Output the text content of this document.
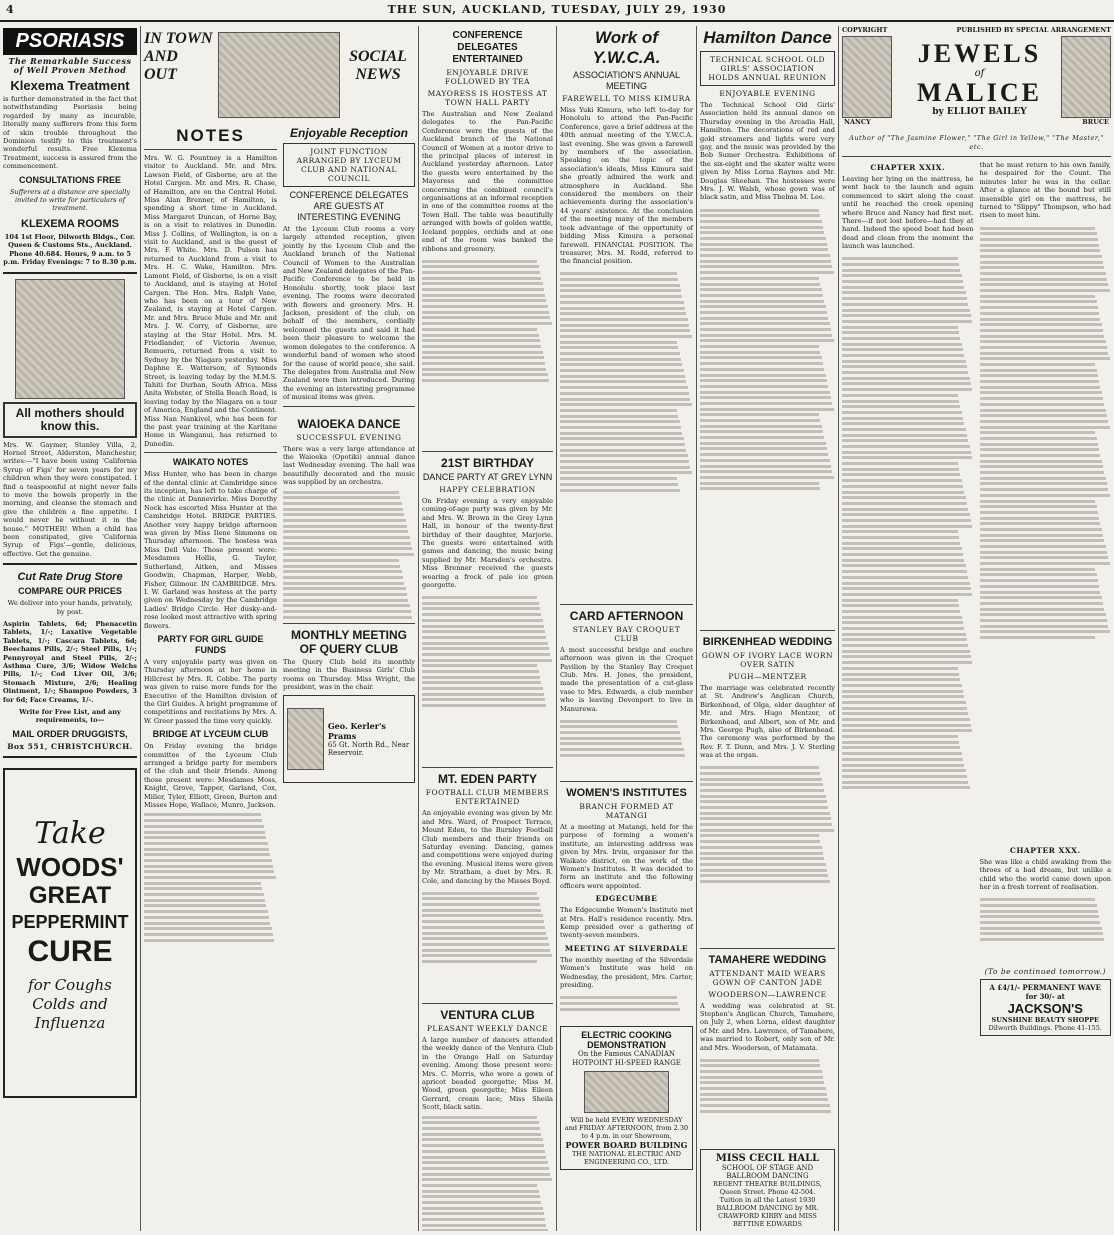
4	THE SUN, AUCKLAND, TUESDAY, JULY 29, 1930
PSORIASIS
The Remarkable Success of Well Proven Method
Klexema Treatment

is further demonstrated in the fact that notwithstanding Psoriasis being regarded by many as incurable, literally many sufferers from this form of skin trouble throughout the Dominion testify to this treatment's wonderful results. Free Klexema Treatment, success is assured from the commencement.

CONSULTATIONS FREE

Sufferers at a distance are specially invited to write for particulars of treatment.

KLEXEMA ROOMS

104 1st Floor, Dilworth Bldgs., Cor. Queen & Customs Sts., Auckland. Phone 40.684. Hours, 9 a.m. to 5 p.m. Friday Evenings: 7 to 8.30 p.m.

All mothers should know this.

Mrs. W. Gaymer, Stanley Villa, 2, Hornel Street, Alderston, Manchester, writes:—"I have been using 'California Syrup of Figs' for seven years for my children when they were constipated. I find a teaspoonful at night never fails to move the bowels properly in the morning, and cleanse the stomach and give the children a fine appetite. I would never be without it in the house." MOTHER! When a child has been constipated, give 'California Syrup of Figs'—gentle, delicious, effective. Get the genuine.

Cut Rate Drug Store
COMPARE OUR PRICES

We deliver into your hands, privately, by post.

Aspirin Tablets, 6d; Phenacetin Tablets, 1/-; Laxative Vegetable Tablets, 1/-; Cascara Tablets, 6d; Beechams Pills, 2/-; Steel Pills, 1/-; Pennyroyal and Steel Pills, 2/-; Asthma Cure, 3/6; Widow Welchs Pills, 1/-; Cod Liver Oil, 3/6; Stomach Mixture, 2/6; Healing Ointment, 1/-; Shampoo Powders, 3 for 6d; Face Creams, 1/-.

Write for Free List, and any requirements, to—

MAIL ORDER DRUGGISTS,
Box 551, CHRISTCHURCH.
Take
WOODS'
GREAT
PEPPERMINT
CURE
for Coughs Colds and Influenza
IN TOWN AND OUT
SOCIAL NEWS
NOTES

Mrs. W. G. Pountney is a Hamilton visitor to Auckland. Mr. and Mrs. Lawson Field, of Gisborne, are at the Hotel Cargen. Mr. and Mrs. R. Chase, of Hamilton, are on the Central Hotel. Miss Alan Brenner, of Hamilton, is spending a short time in Auckland. Miss Margaret Duncan, of Horne Bay, is on a visit to relatives in Dunedin. Miss J. Collins, of Wellington, is on a visit to Auckland, and is the guest of Mrs. F. White. Mrs. D. Pulson has returned to Auckland from a visit to Mrs. H. C. Wake, Hamilton. Mrs. Lamont Field, of Gisborne, is on a visit to Auckland, and is staying at Hotel Cargen. The Hon. Mrs. Ralph Vane, who has been on a tour of New Zealand, is staying at Hotel Cargen. Mr. and Mrs. Bruce Mule and Mr. and Mrs. J. W. Corry, of Gisborne, are staying at the Star Hotel. Mrs. M. Friedlander, of Victoria Avenue, Remuera, returned from a visit to Sydney by the Niagara yesterday. Miss Daphne E. Watterson, of Symonds Street, is leaving today by the M.M.S. Tahiti for Durban, South Africa. Miss Anita Webster, of Stella Beach Road, is leaving today by the Niagara on a tour of America, England and the Continent. Miss Nan Nankivel, who has been for the past year training at the Karitane Home in Wanganui, has returned to Dunedin.

WAIKATO NOTES

Miss Hunter, who has been in charge of the dental clinic at Cambridge since its inception, has left to take charge of the clinic at Dannevirke. Miss Dorothy Nock has escorted Miss Hunter at the Cambridge Hotel. BRIDGE PARTIES. Another very happy bridge afternoon was given by Miss Ilene Simmons on Thursday afternoon. The hostess was Miss Dell Vale. Those present were: Mesdames Hollis, G. Taylor, Sutherland, Aitken, and Misses Goodwin, Chapman, Harper, Webb, Fisher, Gilmour. IN CAMBRIDGE. Mrs. I. W. Garland was hostess at the party given on Wednesday by the Cambridge Ladies' Bridge Circle. Her dusky-and-rose looked most attractive with spring flowers.

PARTY FOR GIRL GUIDE FUNDS

A very enjoyable party was given on Thursday afternoon at her home in Hillcrest by Mrs. R. Cobbe. The party was given to raise more funds for the Executive of the Hamilton division of the Girl Guides. A bright programme of competitions and recitations by Mrs. A. W. Greer passed the time very quickly.

BRIDGE AT LYCEUM CLUB

On Friday evening the bridge committee of the Lyceum Club arranged a bridge party for members of the club and their friends. Among those present were: Mesdames Moss, Knight, Grove, Tapper, Garland, Cox, Miller, Tyler, Elliott, Green, Burton and Misses Hope, Wallace, Munro, Jackson.

Enjoyable Reception
JOINT FUNCTION ARRANGED BY LYCEUM CLUB AND NATIONAL COUNCIL
CONFERENCE DELEGATES ARE GUESTS AT INTERESTING EVENING

At the Lyceum Club rooms a very largely attended reception, given jointly by the Lyceum Club and the Auckland branch of the National Council of Women to the Australian and New Zealand delegates of the Pan-Pacific Conference to be held in Honolulu shortly, took place last evening. The rooms were decorated with flowers and greenery. Mrs. H. Jackson, president of the club, on behalf of the members, cordially welcomed the guests and said it had been their pleasure to welcome the women delegates to the conference. A wonderful band of women who stood for the cause of world peace, she said. The delegates from Australia and New Zealand were then introduced. During the evening an interesting programme of musical items was given.

WAIOEKA DANCE
SUCCESSFUL EVENING

There was a very large attendance at the Waioeka (Opotiki) annual dance last Wednesday evening. The hall was beautifully decorated and the music was supplied by an orchestra.

MONTHLY MEETING OF QUERY CLUB

The Query Club held its monthly meeting in the Business Girls' Club rooms on Thursday. Miss Wright, the president, was in the chair.

Geo. Kerler's Prams
65 Gt. North Rd., Near Reservoir.
CONFERENCE DELEGATES ENTERTAINED
ENJOYABLE DRIVE FOLLOWED BY TEA
MAYORESS IS HOSTESS AT TOWN HALL PARTY

The Australian and New Zealand delegates to the Pan-Pacific Conference were the guests of the Auckland branch of the National Council of Women at a motor drive to the principal places of interest in Auckland yesterday afternoon. Later the guests were entertained by the Mayoress and the committee concerning the combined council's organisations at an informal reception in one of the committee rooms at the Town Hall. The table was beautifully arranged with bowls of golden wattle, Iceland poppies, orchids and at one end of the room was banked the ribbons and greenery.

21ST BIRTHDAY
DANCE PARTY AT GREY LYNN
HAPPY CELEBRATION

On Friday evening a very enjoyable coming-of-age party was given by Mr. and Mrs. W. Brown in the Grey Lynn Hall, in honour of the twenty-first birthday of their daughter, Marjorie. The guests were entertained with games and dancing, the music being supplied by Mr. Marsden's orchestra. Miss Brenner received the guests wearing a frock of pale ice green georgette.

MT. EDEN PARTY
FOOTBALL CLUB MEMBERS ENTERTAINED

An enjoyable evening was given by Mr. and Mrs. Ward, of Prospect Terrace, Mount Eden, to the Burnley Football Club members and their friends on Saturday evening. Dancing, games and competitions were enjoyed during the evening. Musical items were given by Mr. Stratham, a duet by Mrs. R. Cole, and dancing by the Misses Boyd.

VENTURA CLUB
PLEASANT WEEKLY DANCE

A large number of dancers attended the weekly dance of the Ventura Club in the Orange Hall on Saturday evening. Among those present were: Mrs. C. Morris, who wore a gown of apricot beaded georgette; Miss M. Wood, green georgette; Miss Eileen Gerrard, cream lace; Miss Sheila Scott, black satin.

Work of Y.W.C.A.
ASSOCIATION'S ANNUAL MEETING
FAREWELL TO MISS KIMURA

Miss Yuki Kimura, who left to-day for Honolulu to attend the Pan-Pacific Conference, gave a brief address at the 40th annual meeting of the Y.W.C.A. last evening. She was given a farewell by members of the association. Speaking on the topic of the association's ideals, Miss Kimura said she greatly admired the work and atmosphere in Auckland. She considered the members on their achievements during the association's 44 years' existence. At the conclusion of the meeting many of the members took advantage of the opportunity of bidding Miss Kimura a personal farewell. FINANCIAL POSITION. The treasurer, Mrs. M. Rodd, referred to the financial position.

CARD AFTERNOON
STANLEY BAY CROQUET CLUB

A most successful bridge and euchre afternoon was given in the Croquet Pavilion by the Stanley Bay Croquet Club. Mrs. H. Jones, the president, made the presentation of a cut-glass vase to Mrs. Edwards, a club member who is leaving Devonport to live in Manurewa.

WOMEN'S INSTITUTES
BRANCH FORMED AT MATANGI

At a meeting at Matangi, held for the purpose of forming a women's institute, an interesting address was given by Mrs. Irvin, organiser for the Waikato district, on the work of the Women's Institutes. It was decided to form an institute and the following officers were appointed.

EDGECUMBE

The Edgecumbe Women's Institute met at Mrs. Hall's residence recently. Mrs. Kemp presided over a gathering of twenty-seven members.

MEETING AT SILVERDALE

The monthly meeting of the Silverdale Women's Institute was held on Wednesday, the president, Mrs. Carter, presiding.

ELECTRIC COOKING DEMONSTRATION
On the Famous CANADIAN HOTPOINT HI-SPEED RANGE
Will be held EVERY WEDNESDAY and FRIDAY AFTERNOON, from 2.30 to 4 p.m. in our Showroom,
POWER BOARD BUILDING
THE NATIONAL ELECTRIC AND ENGINEERING CO., LTD.
Hamilton Dance
TECHNICAL SCHOOL OLD GIRLS' ASSOCIATION HOLDS ANNUAL REUNION
ENJOYABLE EVENING

The Technical School Old Girls' Association held its annual dance on Thursday evening in the Arcadia Hall, Hamilton. The decorations of red and gold streamers and lights were very gay, and the music was provided by the Bob Sumer Orchestra. Exhibitions of the six-eight and the skater waltz were given by Miss Lorna Raynes and Mr. Douglas Sheehan. The hostesses were Mrs. J. W. Walsh, whose gown was of black satin, and Miss Thelma M. Lee.

BIRKENHEAD WEDDING
GOWN OF IVORY LACE WORN OVER SATIN
PUGH—MENTZER

The marriage was celebrated recently at St. Andrew's Anglican Church, Birkenhead, of Olga, elder daughter of Mr. and Mrs. Hugo Mentzer, of Birkenhead, and Albert, son of Mr. and Mrs. George Pugh, also of Birkenhead. The ceremony was performed by the Rev. F. T. Dunn, and Mrs. J. V. Sterling was at the organ.

TAMAHERE WEDDING
ATTENDANT MAID WEARS GOWN OF CANTON JADE
WOODERSON—LAWRENCE

A wedding was celebrated at St. Stephen's Anglican Church, Tamahere, on July 2, when Lorna, eldest daughter of Mr. and Mrs. Lawrence, of Tamahere, was married to Robert, only son of Mr. and Mrs. Wooderson, of Matamata.

MISS CECIL HALL
SCHOOL OF STAGE AND BALLROOM DANCING
REGENT THEATRE BUILDINGS, Queen Street. Phone 42-504.
Tuition in all the Latest 1930 BALLROOM DANCING by MR. CRAWFORD KIRBY and MISS BETTINE EDWARDS
COPYRIGHT	PUBLISHED BY SPECIAL ARRANGEMENT
NANCY	BRUCE
JEWELS
of
MALICE
by ELLIOT BAILEY
Author of "The Jasmine Flower," "The Girl in Yellow," "The Master," etc.
CHAPTER XXIX.

Leaving her lying on the mattress, he went back to the launch and again commenced to skirt along the coast until he reached the creek opening where Bruce and Nancy had first met. There—if not lost before—had they at hand. Indeed the speed boat had been dead and clean from the moment the launch was launched.

that he must return to his own family, he despaired for the Count. The minutes later he was in the cellar. After a glance at the bound but still insensible girl on the mattress, he turned to "Slippy" Thompson, who had risen to meet him.

CHAPTER XXX.

She was like a child awaking from the throes of a bad dream, but unlike a child who the world came down upon her in a fresh torrent of realisation.

(To be continued tomorrow.)
A £4/1/- PERMANENT WAVE for 30/- at
JACKSON'S
SUNSHINE BEAUTY SHOPPE
Dilworth Buildings. Phone 41-155.
